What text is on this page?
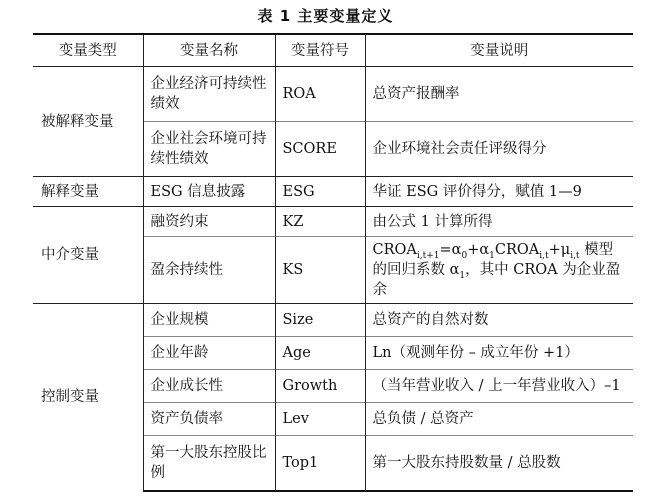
表 1 主要变量定义
变量类型	变量名称	变量符号	变量说明
被解释变量	企业经济可持续性绩效	ROA	总资产报酬率
	企业社会环境可持续性绩效	SCORE	企业环境社会责任评级得分
解释变量	ESG 信息披露	ESG	华证 ESG 评价得分，赋值 1—9
中介变量	融资约束	KZ	由公式 1 计算所得
	盈余持续性	KS	$CROA_{i,t+1}=\alpha_0+\alpha_1CROA_{i,t}+\mu_{i,t}$ 模型的回归系数 $\alpha_1$，其中 CROA 为企业盈余
控制变量	企业规模	Size	总资产的自然对数
	企业年龄	Age	Ln（观测年份 – 成立年份 +1）
	企业成长性	Growth	（当年营业收入 / 上一年营业收入）–1
	资产负债率	Lev	总负债 / 总资产
	第一大股东控股比例	Top1	第一大股东持股数量 / 总股数
